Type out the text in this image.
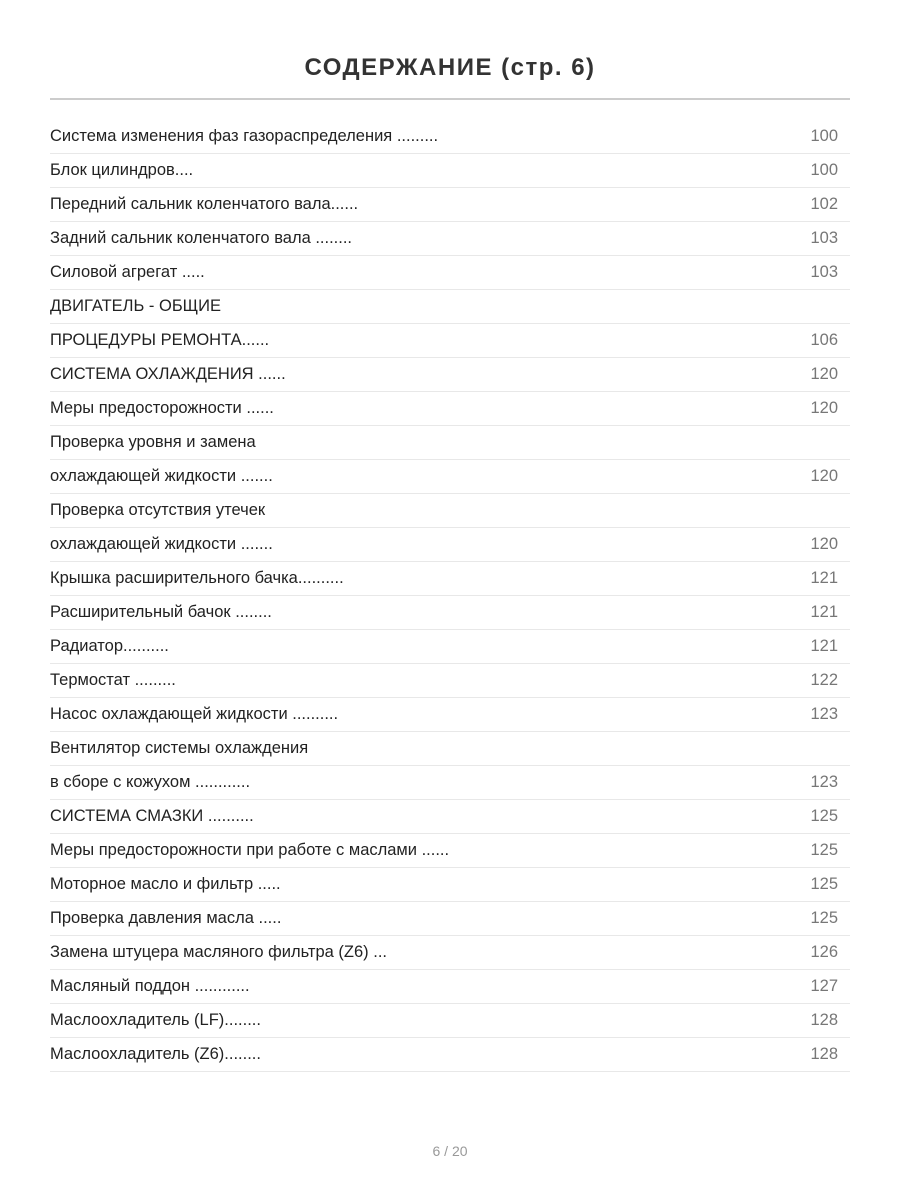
СОДЕРЖАНИЕ (стр. 6)
Система изменения фаз газораспределения .........	100
Блок цилиндров....	100
Передний сальник коленчатого вала......	102
Задний сальник коленчатого вала ........	103
Силовой агрегат .....	103
ДВИГАТЕЛЬ - ОБЩИЕ
ПРОЦЕДУРЫ РЕМОНТА......	106
СИСТЕМА ОХЛАЖДЕНИЯ ......	120
Меры предосторожности ......	120
Проверка уровня и замена
охлаждающей жидкости .......	120
Проверка отсутствия утечек
охлаждающей жидкости .......	120
Крышка расширительного бачка..........	121
Расширительный бачок ........	121
Радиатор..........	121
Термостат .........	122
Насос охлаждающей жидкости ..........	123
Вентилятор системы охлаждения
в сборе с кожухом ............	123
СИСТЕМА СМАЗКИ ..........	125
Меры предосторожности при работе с маслами ......	125
Моторное масло и фильтр .....	125
Проверка давления масла .....	125
Замена штуцера масляного фильтра (Z6) ...	126
Масляный поддон ............	127
Маслоохладитель (LF)........	128
Маслоохладитель (Z6)........	128
6 / 20
